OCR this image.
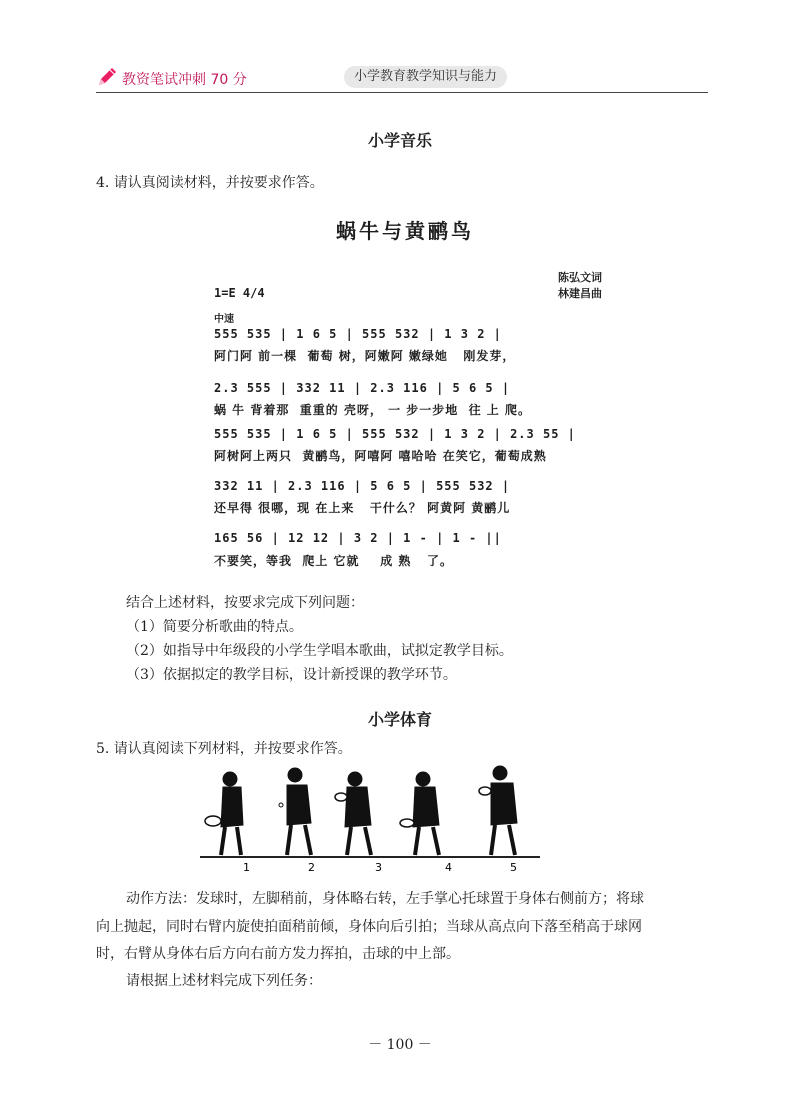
教资笔试冲刺 70 分	小学教育教学知识与能力
小学音乐
4. 请认真阅读材料，并按要求作答。
蜗牛与黄鹂鸟
陈弘文词
林建昌曲
1=E 4/4
中速
555 535 | 1 6 5 | 555 532 | 1 3 2 |
阿门阿 前一棵  葡萄 树，阿嫩阿 嫩绿她   刚发芽，
2.3 555 | 332 11 | 2.3 116 | 5 6 5 |
蜗 牛 背着那  重重的 壳呀， 一 步一步地  往 上 爬。
555 535 | 1 6 5 | 555 532 | 1 3 2 | 2.3 55 |
阿树阿上两只  黄鹂鸟，阿嘻阿 嘻哈哈 在笑它，葡萄成熟
332 11 | 2.3 116 | 5 6 5 | 555 532 |
还早得 很哪，现 在上来   干什么？ 阿黄阿 黄鹂儿
165 56 | 12 12 | 3 2 | 1 - | 1 - ||
不要笑，等我  爬上 它就    成 熟   了。
结合上述材料，按要求完成下列问题：
（1）简要分析歌曲的特点。
（2）如指导中年级段的小学生学唱本歌曲，试拟定教学目标。
（3）依据拟定的教学目标，设计新授课的教学环节。
小学体育
5. 请认真阅读下列材料，并按要求作答。
1	2	3	4	5
动作方法：发球时，左脚稍前，身体略右转，左手掌心托球置于身体右侧前方；将球
向上抛起，同时右臂内旋使拍面稍前倾，身体向后引拍；当球从高点向下落至稍高于球网
时，右臂从身体右后方向右前方发力挥拍，击球的中上部。
请根据上述材料完成下列任务：
－ 100 －
